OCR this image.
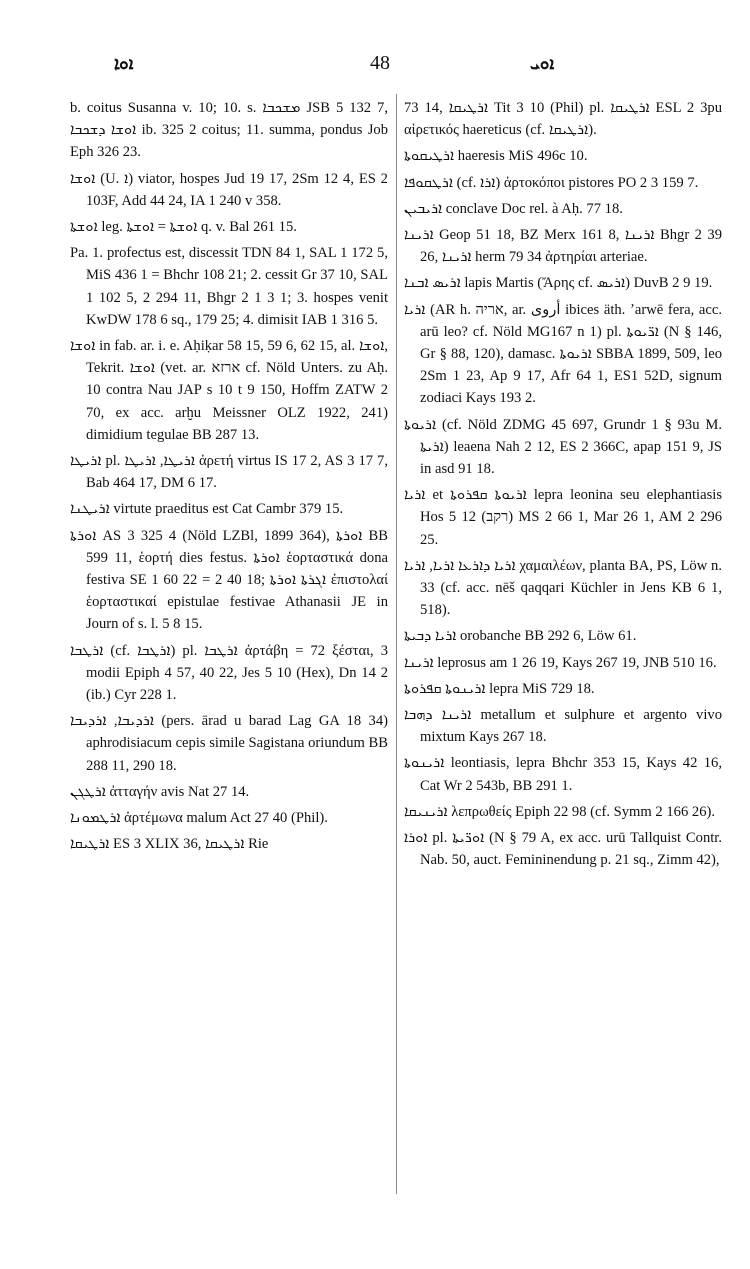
ܐܘܐ	48	ܐܘܝ
b. coitus Susanna v. 10; 10. s. ܡܫܟܒܐ JSB 5 132 7, ܐܘܫܐ ܕܫܟܒܐ ib. 325 2 coitus; 11. summa, pondus Job Eph 326 23.
ܐܘܫܐ (U. ܐ) viator, hospes Jud 19 17, 2Sm 12 4, ES 2 103F, Add 44 24, IA 1 240 v 358.
ܐܘܫܬܐ leg. ܐܘܫܬܐ = ܐܘܫܬܐ q. v. Bal 261 15.
Pa. 1. profectus est, discessit TDN 84 1, SAL 1 172 5, MiS 436 1 = Bhchr 108 21; 2. cessit Gr 37 10, SAL 1 102 5, 2 294 11, Bhgr 2 1 3 1; 3. hospes venit KwDW 178 6 sq., 179 25; 4. dimisit IAB 1 316 5.
ܐܘܫܐ in fab. ar. i. e. Aḥiḳar 58 15, 59 6, 62 15, al. ܐܘܫܐ, Tekrit. ܐܘܫܐ (vet. ar. ארזא cf. Nöld Unters. zu Aḥ. 10 contra Nau JAP s 10 t 9 150, Hoffm ZATW 2 70, ex acc. arḫu Meissner OLZ 1922, 241) dimidium tegulae BB 287 13.
ܐܪܝܛܐ pl. ܐܪܝܛܐ, ܐܪܝܛܐ ἀρετή virtus IS 17 2, AS 3 17 7, Bab 464 17, DM 6 17.
ܐܪܝܛܢܐ virtute praeditus est Cat Cambr 379 15.
ܐܘܪܬܐ AS 3 325 4 (Nöld LZBl, 1899 364), ܐܘܪܬܐ BB 599 11, ἑορτή dies festus. ܐܘܪܬܐ ἑορταστικά dona festiva SE 1 60 22 = 2 40 18; ܐܓܪܬܐ ܐܘܪܬܐ ἐπιστολαί ἑορταστικαί epistulae festivae Athanasii JE in Journ of s. l. 5 8 15.
ܐܪܛܒܐ (cf. ܐܪܛܒܐ) pl. ܐܪܛܒܐ ἀρτάβη = 72 ξέσται, 3 modii Epiph 4 57, 40 22, Jes 5 10 (Hex), Dn 14 2 (ib.) Cyr 228 1.
ܐܪܕܝܒܐ, ܐܪܕܝܒܐ (pers. ārad u barad Lag GA 18 34) aphrodisiacum cepis simile Sagistana oriundum BB 288 11, 290 18.
ܐܪܛܓܢ ἀτταγήν avis Nat 27 14.
ܐܪܛܡܘܢܐ ἀρτέμωνα malum Act 27 40 (Phil).
ܐܪܛܝܩܐ ES 3 XLIX 36, ܐܪܛܝܩܐ Rie
73 14, ܐܪܛܝܩܐ Tit 3 10 (Phil) pl. ܐܪܛܝܩܐ ESL 2 3pu αἱρετικός haereticus (cf. ܐܪܛܝܩܐ).
ܐܪܛܝܩܘܬܐ haeresis MiS 496c 10.
ܐܪܛܩܘܦܐ (cf. ܐܪܐ) ἀρτοκόποι pistores PO 2 3 159 7.
ܐܪܝܒܝܢ conclave Doc rel. à Aḥ. 77 18.
ܐܪܝܢܐ Geop 51 18, BZ Merx 161 8, ܐܪܝܢܐ Bhgr 2 39 26, ܐܪܝܢܐ herm 79 34 ἀρτηρίαι arteriae.
ܐܪܝܣ ܐܒܢܐ lapis Martis (Ἄρης cf. ܐܪܝܣ) DuvB 2 9 19.
ܐܪܝܐ (AR h. אריה, ar. أروى ibices äth. ʼarwē fera, acc. arū leo? cf. Nöld MG167 n 1) pl. ܐܪ̈ܝܘܬܐ (N § 146, Gr § 88, 120), damasc. ܐܪܝܘܬܐ SBBA 1899, 509, leo 2Sm 1 23, Ap 9 17, Afr 64 1, ES1 52D, signum zodiaci Kays 193 2.
ܐܪܝܘܬܐ (cf. Nöld ZDMG 45 697, Grundr 1 § 93u M. ܐܪܝܬܐ) leaena Nah 2 12, ES 2 366C, apap 151 9, JS in asd 91 18.
ܐܪܝܐ et ܐܪܝܘܬܐ ܩܦܪܘܬܐ lepra leonina seu elephantiasis Hos 5 12 (רקב) MS 2 66 1, Mar 26 1, AM 2 296 25.
ܐܪܝܐ ܕܐܪܥܐ ܐܪܝܐ, ܐܪܝܐ χαμαιλέων, planta BA, PS, Löw n. 33 (cf. acc. nēš qaqqari Küchler in Jens KB 6 1, 518).
ܐܪܝܐ ܕܒܝܬܐ orobanche BB 292 6, Löw 61.
ܐܪܝܢܐ leprosus am 1 26 19, Kays 267 19, JNB 510 16.
ܐܪܝܢܘܬܐ ܩܦܪܘܬܐ lepra MiS 729 18.
ܐܪܝܢܐ ܕܗܒܐ metallum et sulphure et argento vivo mixtum Kays 267 18.
ܐܪܝܢܘܬܐ leontiasis, lepra Bhchr 353 15, Kays 42 16, Cat Wr 2 543b, BB 291 1.
ܐܪܝܢܝܩܐ λεπρωθείς Epiph 22 98 (cf. Symm 2 166 26).
ܐܘܪܐ pl. ܐܘܪ̈ܝܬܐ (N § 79 A, ex acc. urū Tallquist Contr. Nab. 50, auct. Femininendung p. 21 sq., Zimm 42),
